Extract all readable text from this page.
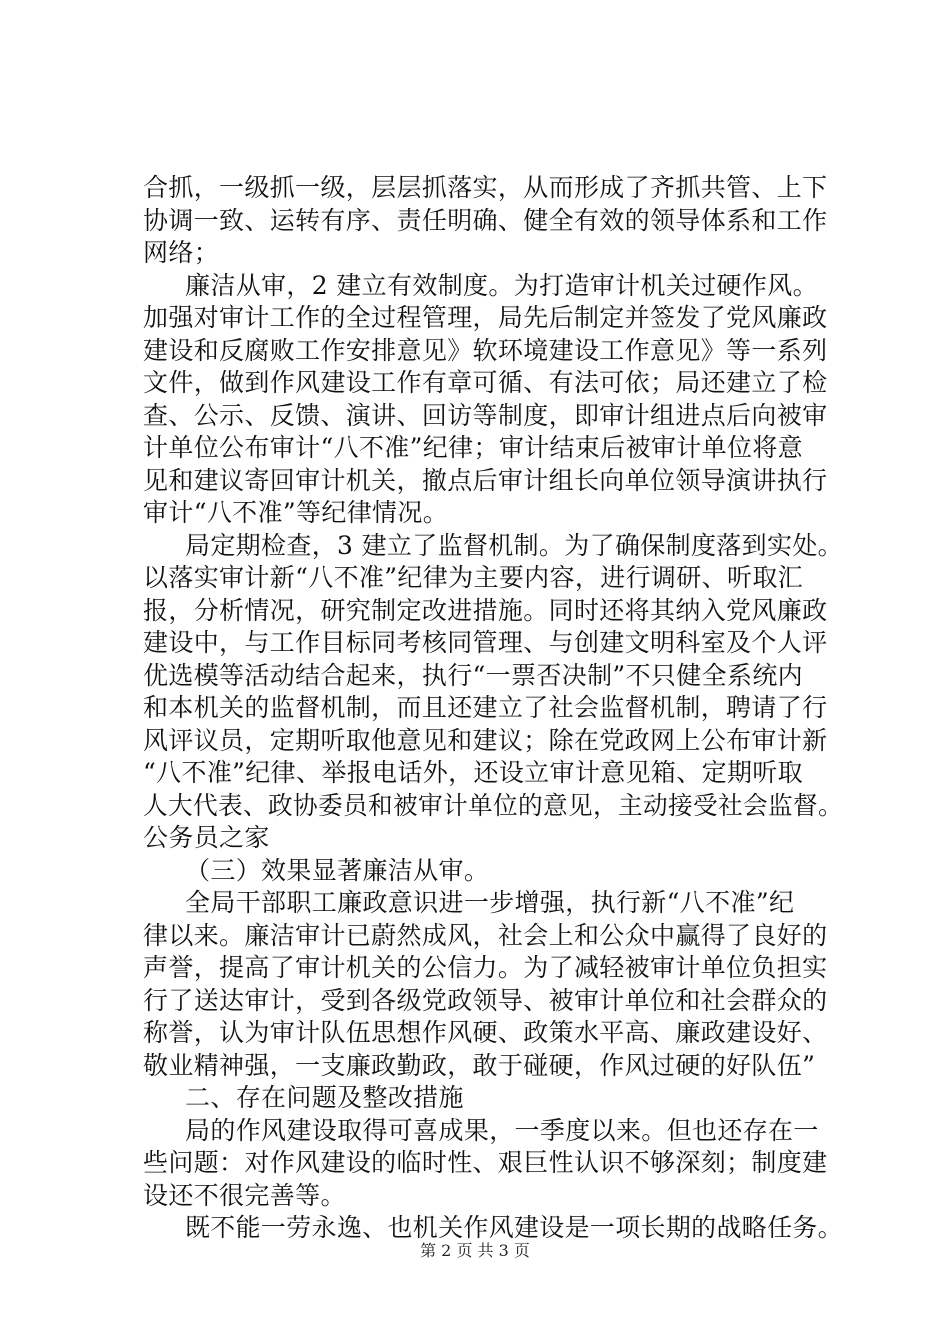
合抓，一级抓一级，层层抓落实，从而形成了齐抓共管、上下
协调一致、运转有序、责任明确、健全有效的领导体系和工作
网络；
廉洁从审，2 建立有效制度。为打造审计机关过硬作风。
加强对审计工作的全过程管理，局先后制定并签发了党风廉政
建设和反腐败工作安排意见》软环境建设工作意见》等一系列
文件，做到作风建设工作有章可循、有法可依；局还建立了检
查、公示、反馈、演讲、回访等制度，即审计组进点后向被审
计单位公布审计“八不准”纪律；审计结束后被审计单位将意
见和建议寄回审计机关，撤点后审计组长向单位领导演讲执行
审计“八不准”等纪律情况。
局定期检查，3 建立了监督机制。为了确保制度落到实处。
以落实审计新“八不准”纪律为主要内容，进行调研、听取汇
报，分析情况，研究制定改进措施。同时还将其纳入党风廉政
建设中，与工作目标同考核同管理、与创建文明科室及个人评
优选模等活动结合起来，执行“一票否决制”不只健全系统内
和本机关的监督机制，而且还建立了社会监督机制，聘请了行
风评议员，定期听取他意见和建议；除在党政网上公布审计新
“八不准”纪律、举报电话外，还设立审计意见箱、定期听取
人大代表、政协委员和被审计单位的意见，主动接受社会监督。
公务员之家
（三）效果显著廉洁从审。
全局干部职工廉政意识进一步增强，执行新“八不准”纪
律以来。廉洁审计已蔚然成风，社会上和公众中赢得了良好的
声誉，提高了审计机关的公信力。为了减轻被审计单位负担实
行了送达审计，受到各级党政领导、被审计单位和社会群众的
称誉，认为审计队伍思想作风硬、政策水平高、廉政建设好、
敬业精神强，一支廉政勤政，敢于碰硬，作风过硬的好队伍”
二、存在问题及整改措施
局的作风建设取得可喜成果，一季度以来。但也还存在一
些问题：对作风建设的临时性、艰巨性认识不够深刻；制度建
设还不很完善等。
既不能一劳永逸、也机关作风建设是一项长期的战略任务。
第 2 页 共 3 页
